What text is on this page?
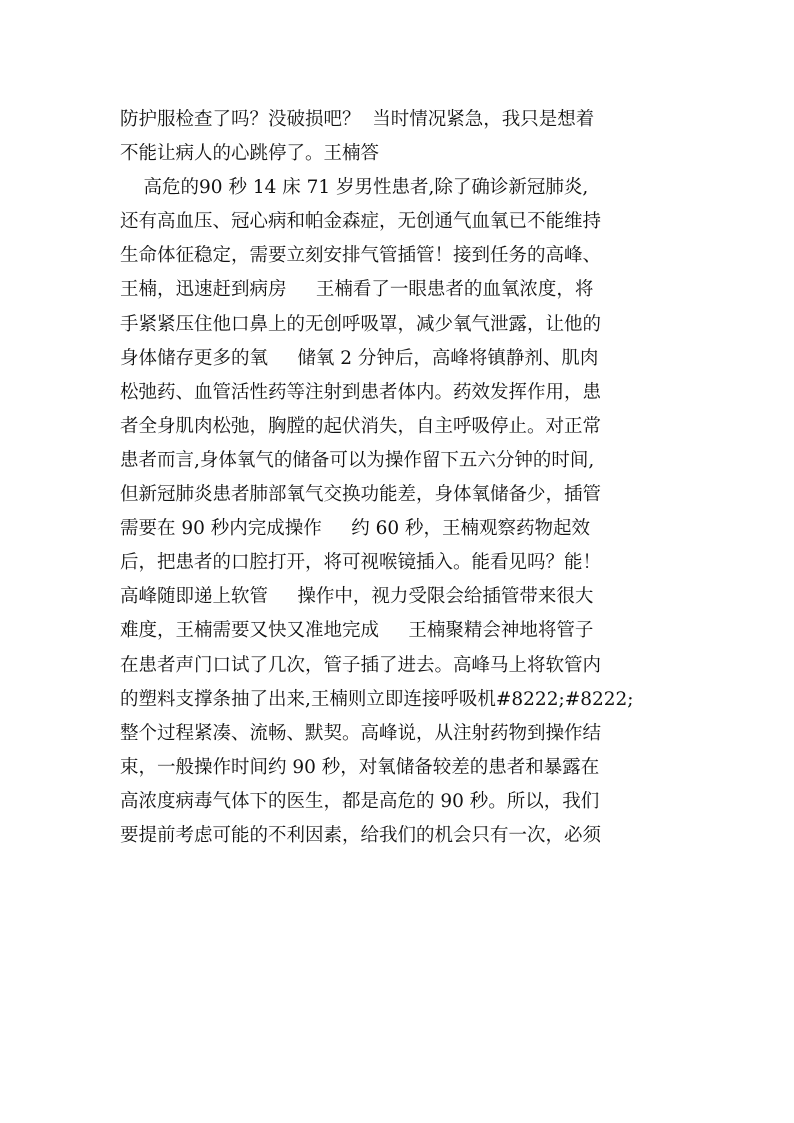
防护服检查了吗？没破损吧？  当时情况紧急，我只是想着
不能让病人的心跳停了。王楠答
高危的90 秒 14 床 71 岁男性患者,除了确诊新冠肺炎,
还有高血压、冠心病和帕金森症，无创通气血氧已不能维持
生命体征稳定，需要立刻安排气管插管！接到任务的高峰、
王楠，迅速赶到病房     王楠看了一眼患者的血氧浓度，将
手紧紧压住他口鼻上的无创呼吸罩，减少氧气泄露，让他的
身体储存更多的氧     储氧 2 分钟后，高峰将镇静剂、肌肉
松弛药、血管活性药等注射到患者体内。药效发挥作用，患
者全身肌肉松弛，胸膛的起伏消失，自主呼吸停止。对正常
患者而言,身体氧气的储备可以为操作留下五六分钟的时间,
但新冠肺炎患者肺部氧气交换功能差，身体氧储备少，插管
需要在 90 秒内完成操作     约 60 秒，王楠观察药物起效
后，把患者的口腔打开，将可视喉镜插入。能看见吗？能！
高峰随即递上软管     操作中，视力受限会给插管带来很大
难度，王楠需要又快又准地完成     王楠聚精会神地将管子
在患者声门口试了几次，管子插了进去。高峰马上将软管内
的塑料支撑条抽了出来,王楠则立即连接呼吸机#8222;#8222;
整个过程紧凑、流畅、默契。高峰说，从注射药物到操作结
束，一般操作时间约 90 秒，对氧储备较差的患者和暴露在
高浓度病毒气体下的医生，都是高危的 90 秒。所以，我们
要提前考虑可能的不利因素，给我们的机会只有一次，必须
